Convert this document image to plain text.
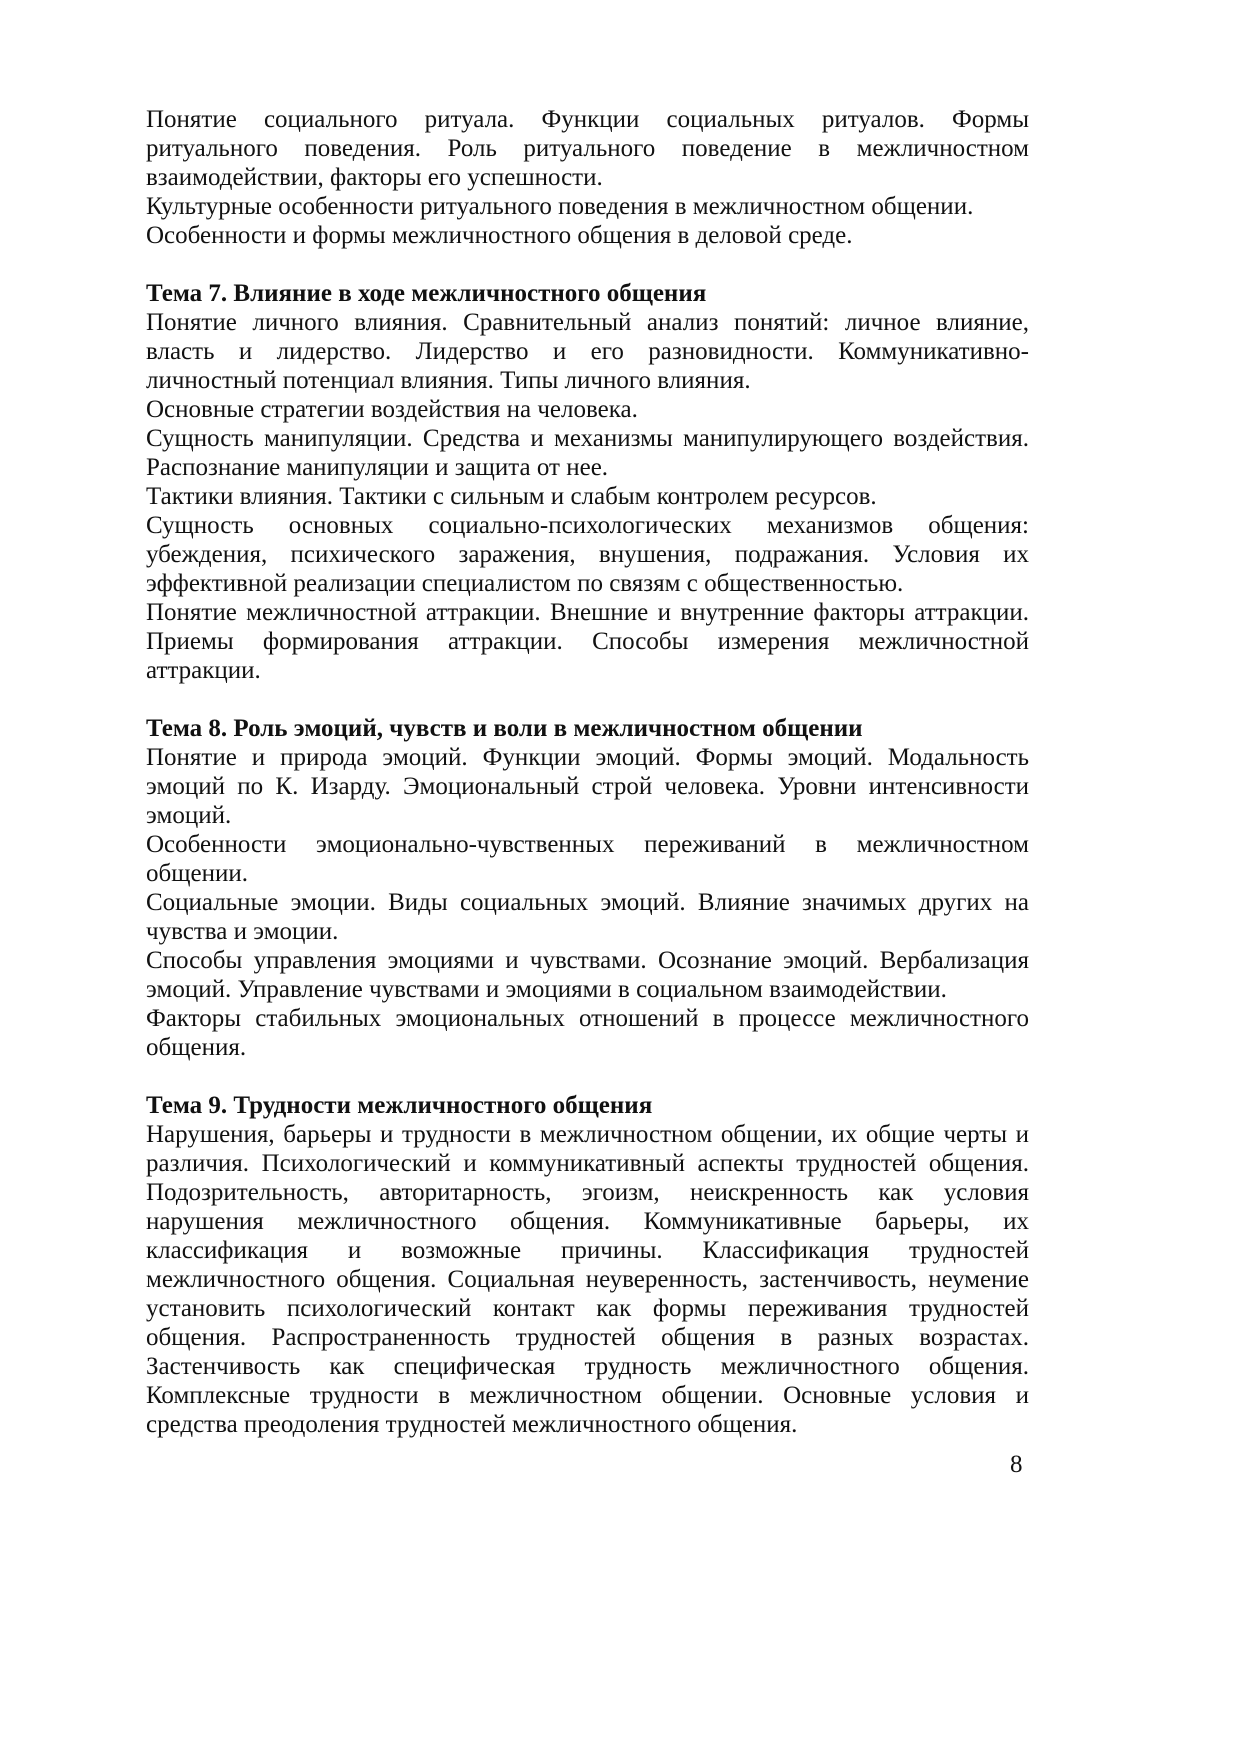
Понятие социального ритуала. Функции социальных ритуалов. Формы ритуального поведения. Роль ритуального поведение в межличностном взаимодействии, факторы его успешности.

Культурные особенности ритуального поведения в межличностном общении.

Особенности и формы межличностного общения в деловой среде.

Тема 7. Влияние в ходе межличностного общения

Понятие личного влияния. Сравнительный анализ понятий: личное влияние, власть и лидерство. Лидерство и его разновидности. Коммуникативно-личностный потенциал влияния. Типы личного влияния.

Основные стратегии воздействия на человека.

Сущность манипуляции. Средства и механизмы манипулирующего воздействия. Распознание манипуляции и защита от нее.

Тактики влияния. Тактики с сильным и слабым контролем ресурсов.

Сущность основных социально-психологических механизмов общения: убеждения, психического заражения, внушения, подражания. Условия их эффективной реализации специалистом по связям с общественностью.

Понятие межличностной аттракции. Внешние и внутренние факторы аттракции. Приемы формирования аттракции. Способы измерения межличностной аттракции.

Тема 8. Роль эмоций, чувств и воли в межличностном общении

Понятие и природа эмоций. Функции эмоций. Формы эмоций. Модальность эмоций по К. Изарду. Эмоциональный строй человека. Уровни интенсивности эмоций.

Особенности эмоционально-чувственных переживаний в межличностном общении.

Социальные эмоции. Виды социальных эмоций. Влияние значимых других на чувства и эмоции.

Способы управления эмоциями и чувствами. Осознание эмоций. Вербализация эмоций. Управление чувствами и эмоциями в социальном взаимодействии.

Факторы стабильных эмоциональных отношений в процессе межличностного общения.

Тема 9. Трудности межличностного общения

Нарушения, барьеры и трудности в межличностном общении, их общие черты и различия. Психологический и коммуникативный аспекты трудностей общения. Подозрительность, авторитарность, эгоизм, неискренность как условия нарушения межличностного общения. Коммуникативные барьеры, их классификация и возможные причины. Классификация трудностей межличностного общения. Социальная неуверенность, застенчивость, неумение установить психологический контакт как формы переживания трудностей общения. Распространенность трудностей общения в разных возрастах. Застенчивость как специфическая трудность межличностного общения. Комплексные трудности в межличностном общении. Основные условия и средства преодоления трудностей межличностного общения.

8
